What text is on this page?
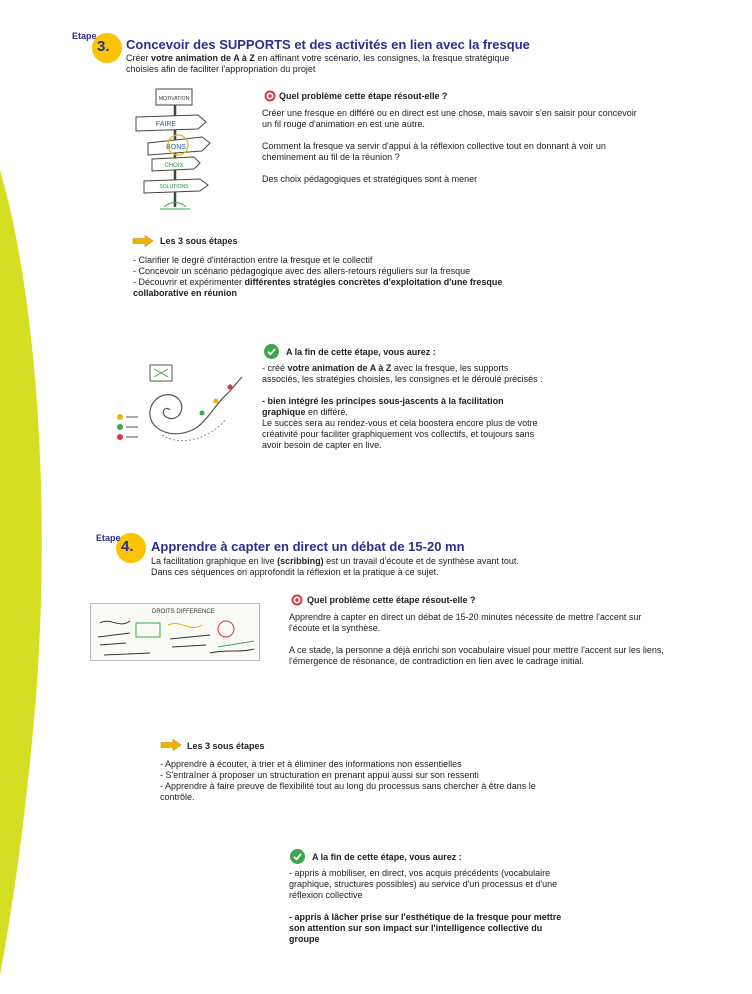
Etape
3. Concevoir des SUPPORTS et des activités en lien avec la fresque
Créer votre animation de A à Z en affinant votre scénario, les consignes, la fresque stratégique
choisies afin de faciliter l'appropriation du projet
MOTIVATION
FAIRE
BONS
CHOIX
SOLUTIONS
Quel problème cette étape résout-elle ?
Créer une fresque en différé ou en direct est une chose, mais savoir s'en saisir pour concevoir
un fil rouge d'animation en est une autre.

Comment la fresque va servir d'appui à la réflexion collective tout en donnant à voir un
cheminement au fil de la réunion ?

Des choix pédagogiques et stratégiques sont à mener
Les 3 sous étapes
- Clarifier le degré d'intéraction entre la fresque et le collectif
- Concevoir un scénario pédagogique avec des allers-retours réguliers sur la fresque
- Découvrir et expérimenter différentes stratégies concrètes d'exploitation d'une fresque
collaborative en réunion
A la fin de cette étape, vous aurez :
- créé votre animation de A à Z avec la fresque, les supports
associés, les stratégies choisies, les consignes et le déroulé précisés .

- bien intégré les principes sous-jascents à la facilitation
graphique en différé.
Le succès sera au rendez-vous et cela boostera encore plus de votre
créativité pour faciliter graphiquement vos collectifs, et toujours sans
avoir besoin de capter en live.
Etape 4. Apprendre à capter en direct un débat de 15-20 mn
La facilitation graphique en live (scribbing) est un travail d'écoute et de synthèse avant tout.
Dans ces séquences on approfondit la réflexion et la pratique à ce sujet.
DROITS DIFFERENCE
Quel problème cette étape résout-elle ?
Apprendre à capter en direct un débat de 15-20 minutes nécessite de mettre l'accent sur
l'écoute et la synthèse.

A ce stade, la personne a déjà enrichi son vocabulaire visuel pour mettre l'accent sur les liens,
l'émergence de résonance, de contradiction en lien avec le cadrage initial.
Les 3 sous étapes
- Apprendre à écouter, à trier et à éliminer des informations non essentielles
- S'entraîner à proposer un structuration en prenant appui aussi sur son ressenti
- Apprendre à faire preuve de flexibilité tout au long du processus sans chercher à être dans le
contrôle.
A la fin de cette étape, vous aurez :
- appris à mobiliser, en direct, vos acquis précédents (vocabulaire
graphique, structures possibles) au service d'un processus et d'une
réflexion collective

- appris à lâcher prise sur l'esthétique de la fresque pour mettre
son attention sur son impact sur l'intelligence collective du
groupe
